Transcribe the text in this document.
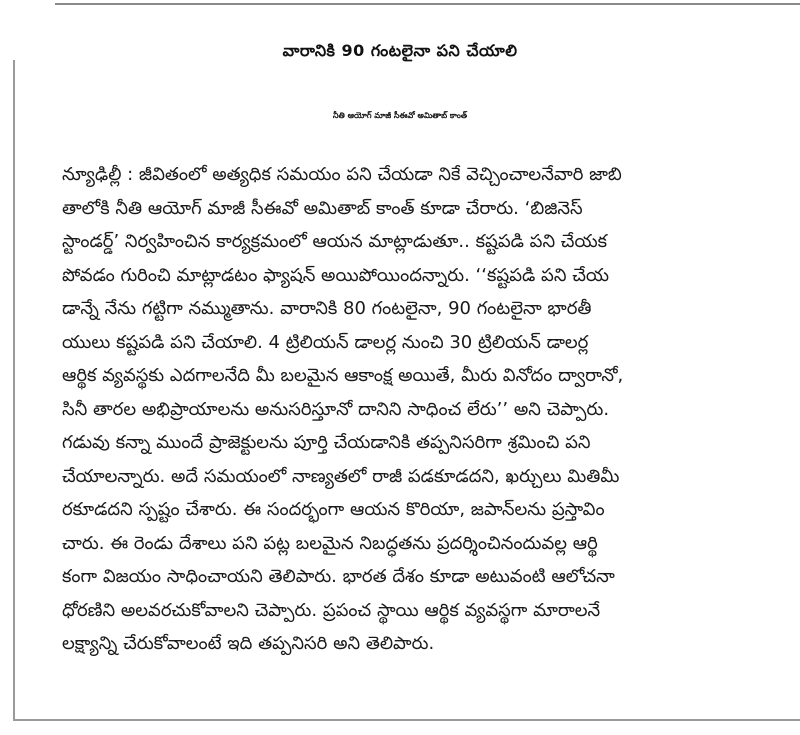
వారానికి 90 గంటలైనా పని చేయాలి
నీతి ఆయోగ్ మాజీ సీఈవో అమితాబ్ కాంత్
న్యూఢిల్లీ : జీవితంలో అత్యధిక సమయం పని చేయడా నికే వెచ్చించాలనేవారి జాబి
తాలోకి నీతి ఆయోగ్ మాజీ సీఈవో అమితాబ్ కాంత్ కూడా చేరారు. ‘బిజినెస్
స్టాండర్డ్’ నిర్వహించిన కార్యక్రమంలో ఆయన మాట్లాడుతూ.. కష్టపడి పని చేయక
పోవడం గురించి మాట్లాడటం ఫ్యాషన్ అయిపోయిందన్నారు. ‘‘కష్టపడి పని చేయ
డాన్నే నేను గట్టిగా నమ్ముతాను. వారానికి 80 గంటలైనా, 90 గంటలైనా భారతీ
యులు కష్టపడి పని చేయాలి. 4 ట్రిలియన్ డాలర్ల నుంచి 30 ట్రిలియన్ డాలర్ల
ఆర్థిక వ్యవస్థకు ఎదగాలనేది మీ బలమైన ఆకాంక్ష అయితే, మీరు వినోదం ద్వారానో,
సినీ తారల అభిప్రాయాలను అనుసరిస్తూనో దానిని సాధించ లేరు’’ అని చెప్పారు.
గడువు కన్నా ముందే ప్రాజెక్టులను పూర్తి చేయడానికి తప్పనిసరిగా శ్రమించి పని
చేయాలన్నారు. అదే సమయంలో నాణ్యతలో రాజీ పడకూడదని, ఖర్చులు మితిమీ
రకూడదని స్పష్టం చేశారు. ఈ సందర్భంగా ఆయన కొరియా, జపాన్‌లను ప్రస్తావిం
చారు. ఈ రెండు దేశాలు పని పట్ల బలమైన నిబద్ధతను ప్రదర్శించినందువల్ల ఆర్థి
కంగా విజయం సాధించాయని తెలిపారు. భారత దేశం కూడా అటువంటి ఆలోచనా
ధోరణిని అలవరచుకోవాలని చెప్పారు. ప్రపంచ స్థాయి ఆర్థిక వ్యవస్థగా మారాలనే
లక్ష్యాన్ని చేరుకోవాలంటే ఇది తప్పనిసరి అని తెలిపారు.
